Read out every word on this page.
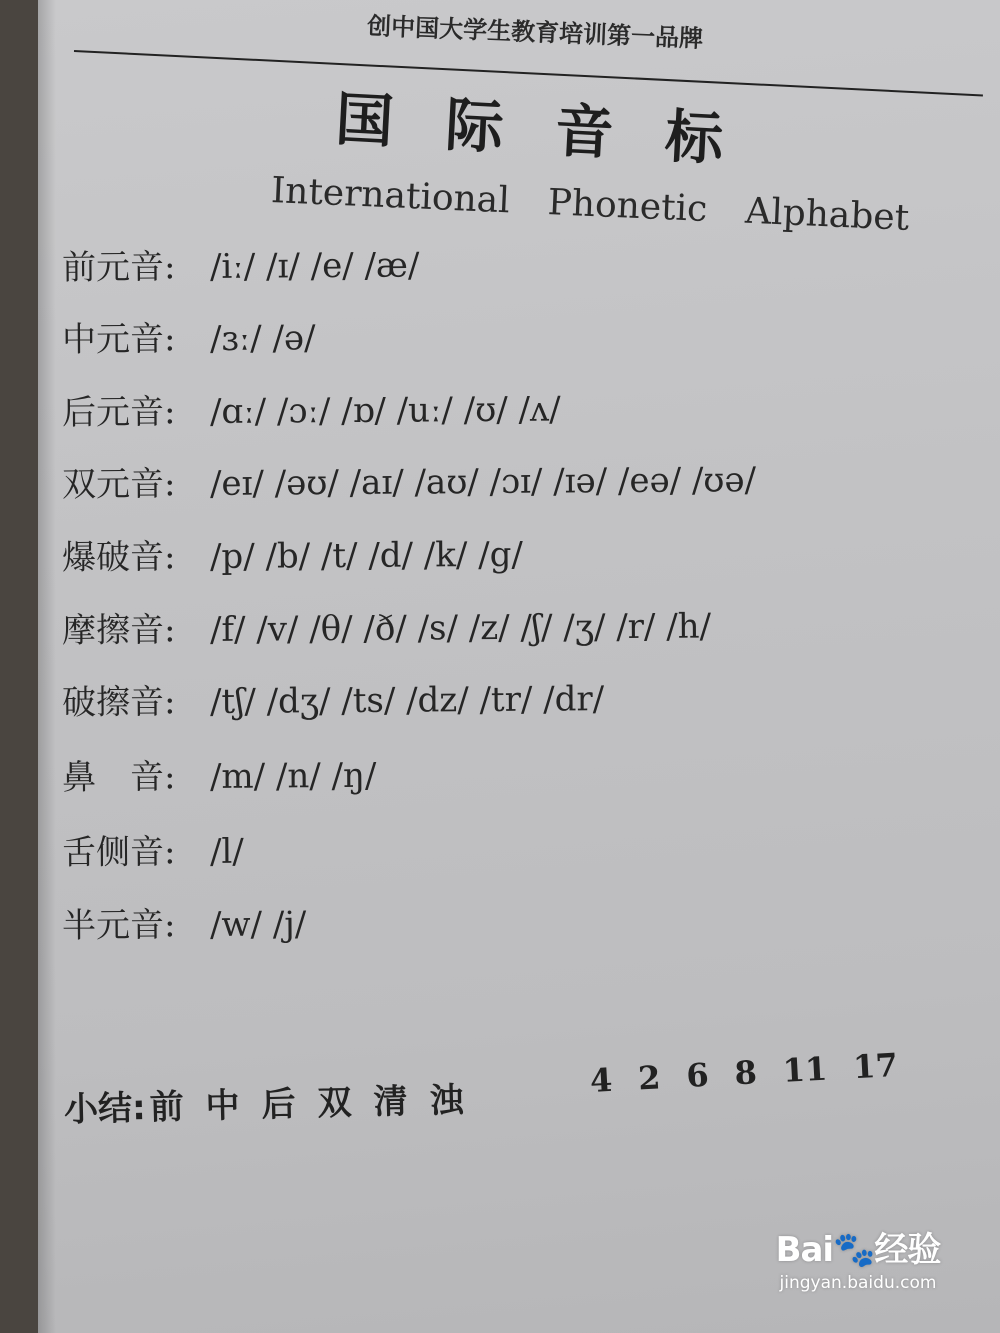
创中国大学生教育培训第一品牌
国 际 音 标
International Phonetic Alphabet
前元音: /iː/ /ɪ/ /e/ /æ/
中元音: /ɜː/ /ə/
后元音: /ɑː/ /ɔː/ /ɒ/ /uː/ /ʊ/ /ʌ/
双元音: /eɪ/ /əʊ/ /aɪ/ /aʊ/ /ɔɪ/ /ɪə/ /eə/ /ʊə/
爆破音: /p/ /b/ /t/ /d/ /k/ /g/
摩擦音: /f/ /v/ /θ/ /ð/ /s/ /z/ /ʃ/ /ʒ/ /r/ /h/
破擦音: /tʃ/ /dʒ/ /ts/ /dz/ /tr/ /dr/
鼻　音: /m/ /n/ /ŋ/
舌侧音: /l/
半元音: /w/ /j/
小结:前 中 后 双 清 浊	4 2 6 8 11 17
Bai🐾经验
jingyan.baidu.com
